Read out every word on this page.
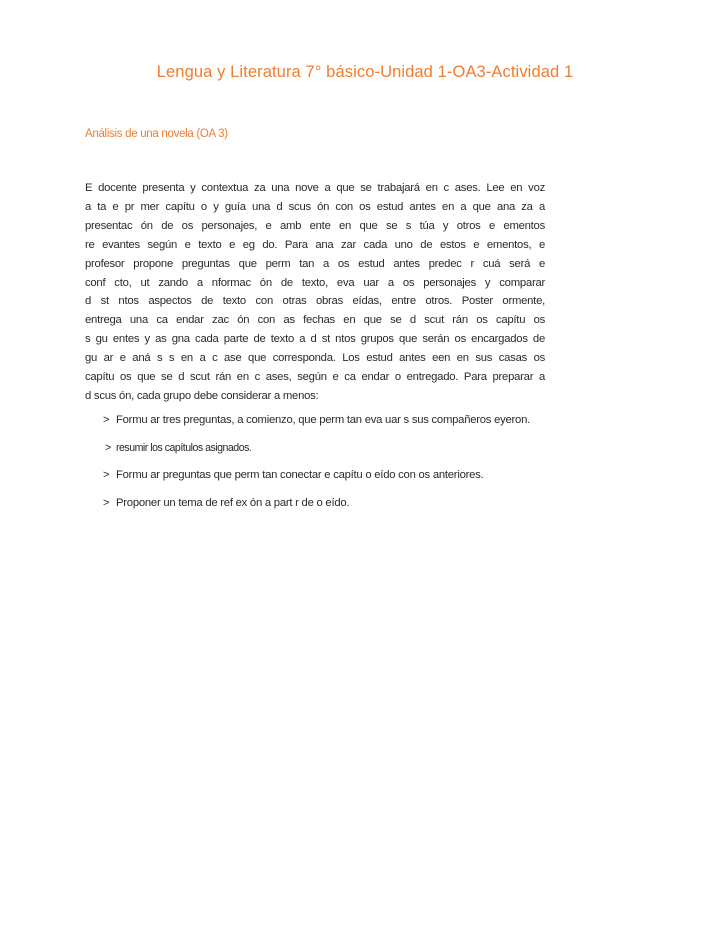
Lengua y Literatura 7° básico-Unidad 1-OA3-Actividad 1
Análisis de una novela (OA 3)
E docente presenta y contextua za una nove a que se trabajará en c ases. Lee en voz
a ta e pr mer capítu o y guía una d scus ón con os estud antes en a que ana za a
presentac ón de os personajes, e amb ente en que se s túa y otros e ementos
re evantes según e texto e eg do. Para ana zar cada uno de estos e ementos, e
profesor propone preguntas que perm tan a os estud antes predec r cuá será e
conf cto, ut zando a nformac ón de texto, eva uar a os personajes y comparar
d st ntos aspectos de texto con otras obras eídas, entre otros. Poster ormente,
entrega una ca endar zac ón con as fechas en que se d scut rán os capítu os
s gu entes y as gna cada parte de texto a d st ntos grupos que serán os encargados de
gu ar e aná s s en a c ase que corresponda. Los estud antes een en sus casas os
capítu os que se d scut rán en c ases, según e ca endar o entregado. Para preparar a
d scus ón, cada grupo debe considerar a menos:
> Formu ar tres preguntas, a comienzo, que perm tan eva uar s sus compañeros eyeron.
> resumir los capítulos asignados.
> Formu ar preguntas que perm tan conectar e capítu o eído con os anteriores.
> Proponer un tema de ref ex ón a part r de o eído.
